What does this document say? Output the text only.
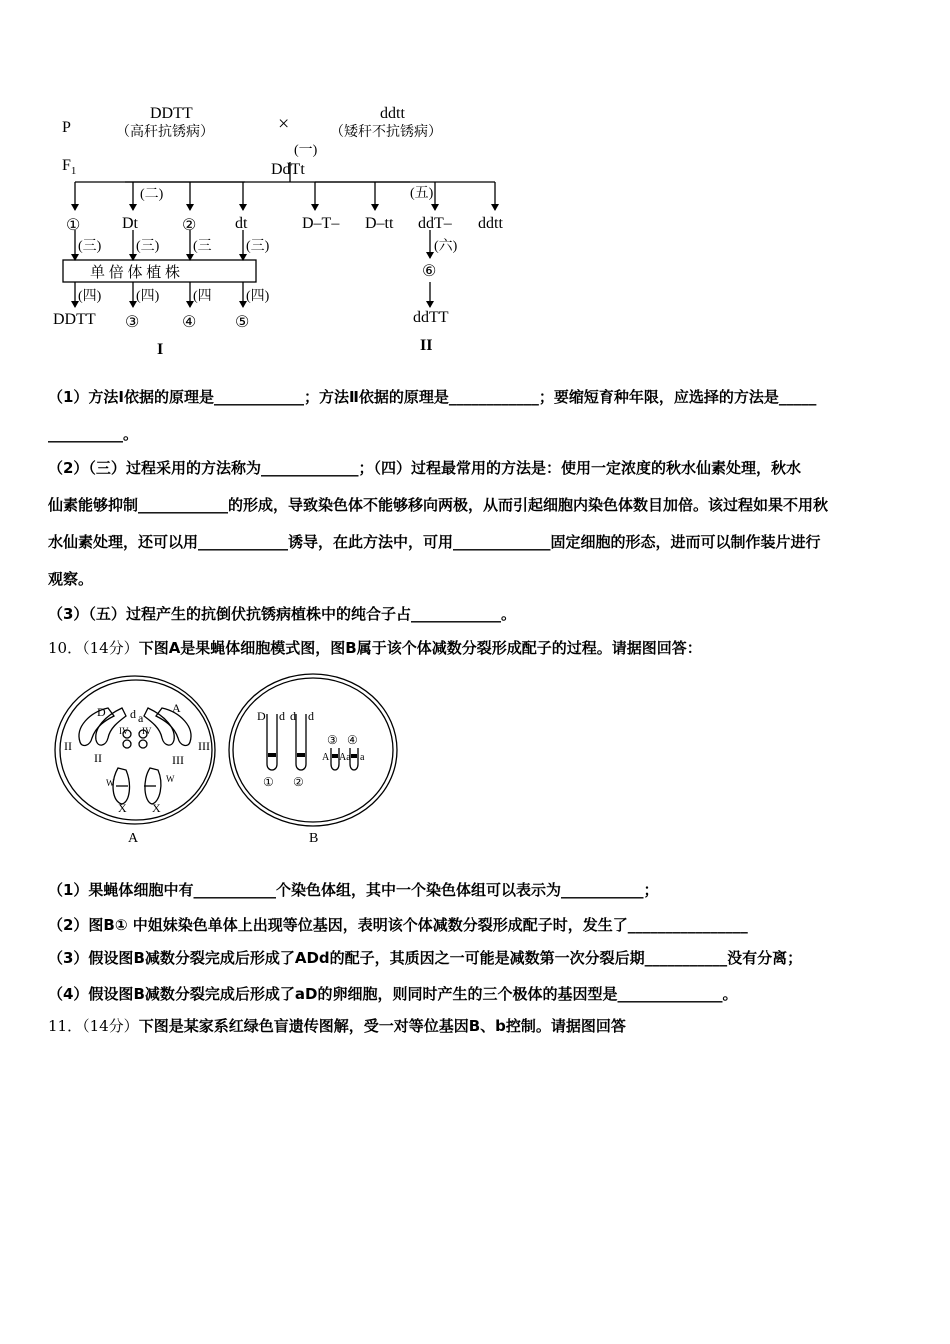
P
$F_1$
DDTT
（高秆抗锈病）	×	ddtt
（矮秆不抗锈病）
(一)
DdTt
(二)	(五)
①	Dt	② dt
(三) (三) (三 (三)
单 倍 体 植 株
(四) (四) (四 (四)
DDTT ③	④ ⑤
D–T– D–tt ddT– ddtt
(六)
⑥
ddTT
I	II
（1）方法Ⅰ依据的原理是____________；方法Ⅱ依据的原理是____________；要缩短育种年限，应选择的方法是_____
__________。
（2）（三）过程采用的方法称为_____________；（四）过程最常用的方法是：使用一定浓度的秋水仙素处理，秋水
仙素能够抑制____________的形成，导致染色体不能够移向两极，从而引起细胞内染色体数目加倍。该过程如果不用秋
水仙素处理，还可以用____________诱导，在此方法中，可用_____________固定细胞的形态，进而可以制作装片进行
观察。
（3）（五）过程产生的抗倒伏抗锈病植株中的纯合子占____________。
10．（14分）下图A是果蝇体细胞模式图，图B属于该个体减数分裂形成配子的过程。请据图回答：
D	A
d a
II
II
IV IV
III
III
W	W
X X
D d d d
③ ④
A Aa a
① ②
A	B
（1）果蝇体细胞中有___________个染色体组，其中一个染色体组可以表示为___________；
（2）图B① 中姐妹染色单体上出现等位基因，表明该个体减数分裂形成配子时，发生了________________
（3）假设图B减数分裂完成后形成了ADd的配子，其质因之一可能是减数第一次分裂后期___________没有分离；
（4）假设图B减数分裂完成后形成了aD的卵细胞，则同时产生的三个极体的基因型是______________。
11．（14分）下图是某家系红绿色盲遗传图解，受一对等位基因B、b控制。请据图回答
